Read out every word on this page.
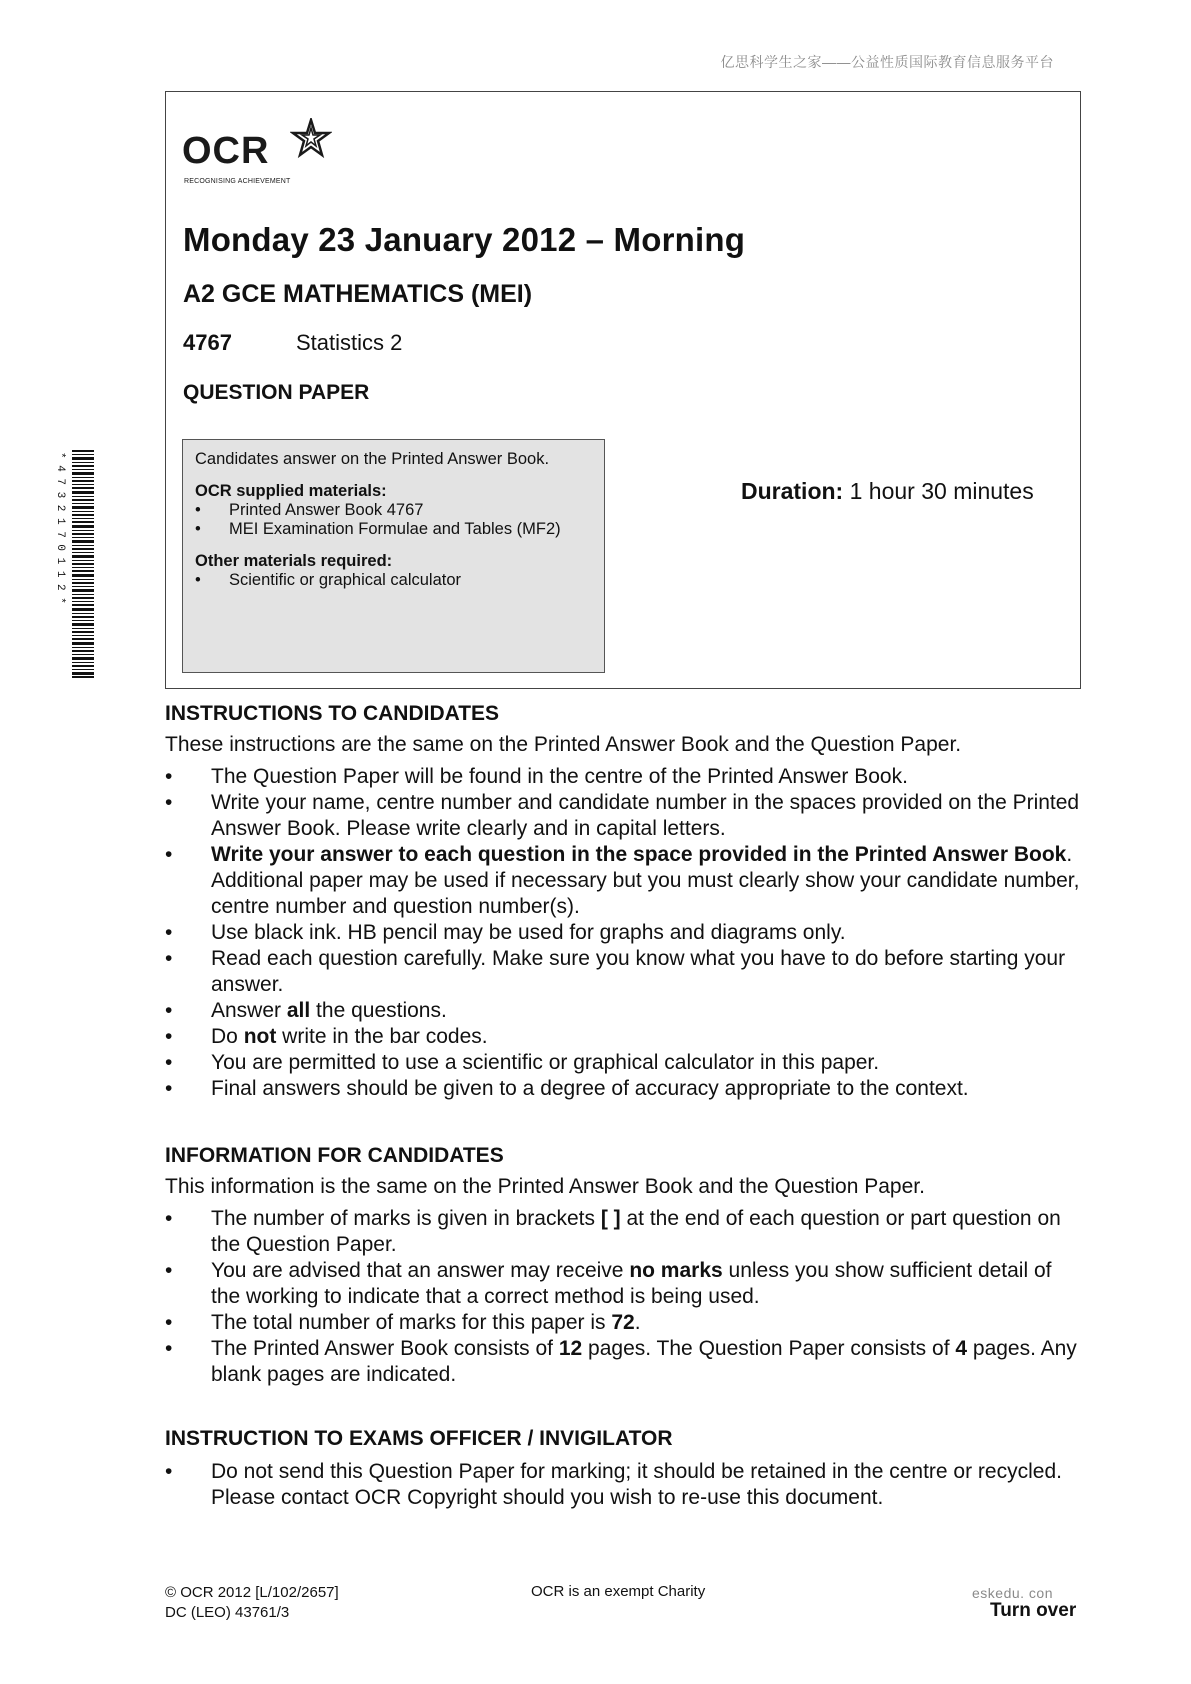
亿思科学生之家——公益性质国际教育信息服务平台
* 4 7 3 2 1 7 0 1 1 2 *
OCR
RECOGNISING ACHIEVEMENT
Monday 23 January 2012 – Morning
A2 GCE MATHEMATICS (MEI)
4767	Statistics 2
QUESTION PAPER
Candidates answer on the Printed Answer Book.
OCR supplied materials:
• Printed Answer Book 4767
• MEI Examination Formulae and Tables (MF2)
Other materials required:
• Scientific or graphical calculator
Duration: 1 hour 30 minutes
INSTRUCTIONS TO CANDIDATES
These instructions are the same on the Printed Answer Book and the Question Paper.
• The Question Paper will be found in the centre of the Printed Answer Book.
• Write your name, centre number and candidate number in the spaces provided on the Printed Answer Book. Please write clearly and in capital letters.
• Write your answer to each question in the space provided in the Printed Answer Book. Additional paper may be used if necessary but you must clearly show your candidate number, centre number and question number(s).
• Use black ink. HB pencil may be used for graphs and diagrams only.
• Read each question carefully. Make sure you know what you have to do before starting your answer.
• Answer all the questions.
• Do not write in the bar codes.
• You are permitted to use a scientific or graphical calculator in this paper.
• Final answers should be given to a degree of accuracy appropriate to the context.
INFORMATION FOR CANDIDATES
This information is the same on the Printed Answer Book and the Question Paper.
• The number of marks is given in brackets [ ] at the end of each question or part question on the Question Paper.
• You are advised that an answer may receive no marks unless you show sufficient detail of the working to indicate that a correct method is being used.
• The total number of marks for this paper is 72.
• The Printed Answer Book consists of 12 pages. The Question Paper consists of 4 pages. Any blank pages are indicated.
INSTRUCTION TO EXAMS OFFICER / INVIGILATOR
• Do not send this Question Paper for marking; it should be retained in the centre or recycled. Please contact OCR Copyright should you wish to re-use this document.
© OCR 2012 [L/102/2657]
DC (LEO) 43761/3
OCR is an exempt Charity	eskedu. con
Turn over
